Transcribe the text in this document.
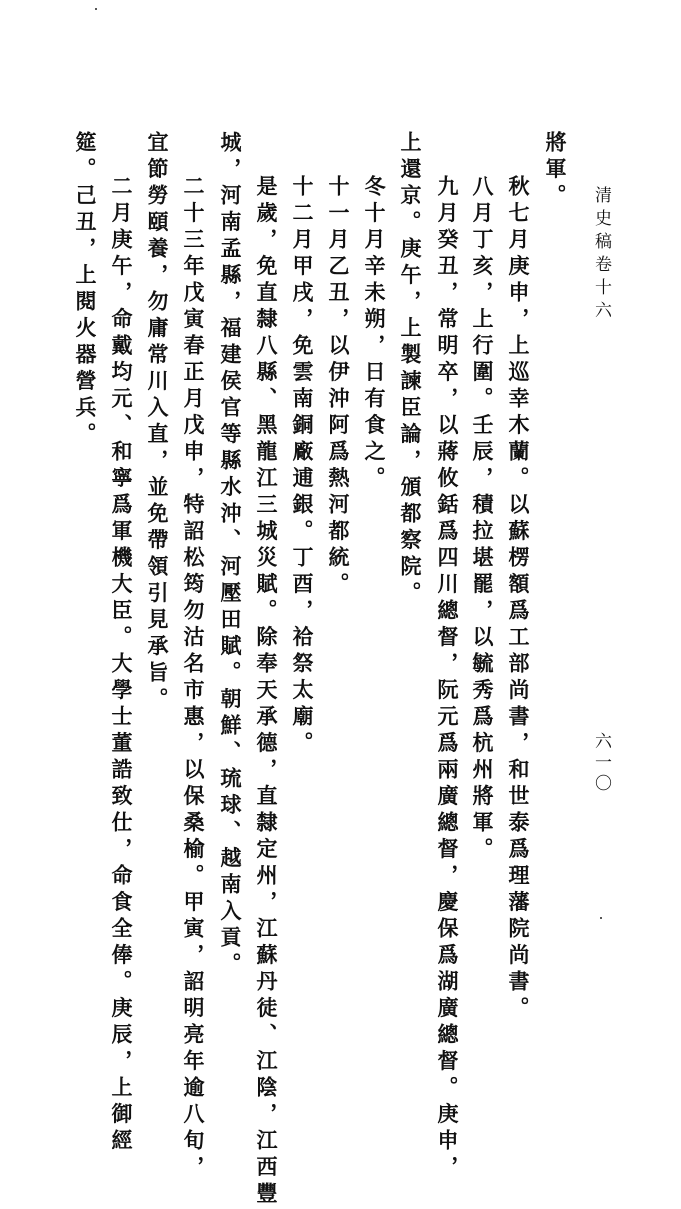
清史稿卷十六
將軍。
秋七月庚申，上巡幸木蘭。以蘇楞額爲工部尚書，和世泰爲理藩院尚書。
八月丁亥，上行圍。壬辰，積拉堪罷，以毓秀爲杭州將軍。
九月癸丑，常明卒，以蔣攸銛爲四川總督，阮元爲兩廣總督，慶保爲湖廣總督。庚申，
上還京。庚午，上製諫臣論，頒都察院。
冬十月辛未朔，日有食之。
十一月乙丑，以伊沖阿爲熱河都統。
十二月甲戌，免雲南銅廠逋銀。丁酉，祫祭太廟。
是歲，免直隸八縣、黑龍江三城災賦。除奉天承德，直隸定州，江蘇丹徒、江陰，江西豐
城，河南孟縣，福建侯官等縣水沖、河壓田賦。朝鮮、琉球、越南入貢。
二十三年戊寅春正月戊申，特詔松筠勿沽名市惠，以保桑榆。甲寅，詔明亮年逾八旬，
宜節勞頤養，勿庸常川入直，並免帶領引見承旨。
二月庚午，命戴均元、和寧爲軍機大臣。大學士董誥致仕，命食全俸。庚辰，上御經
筵。己丑，上閱火器營兵。
六一〇
